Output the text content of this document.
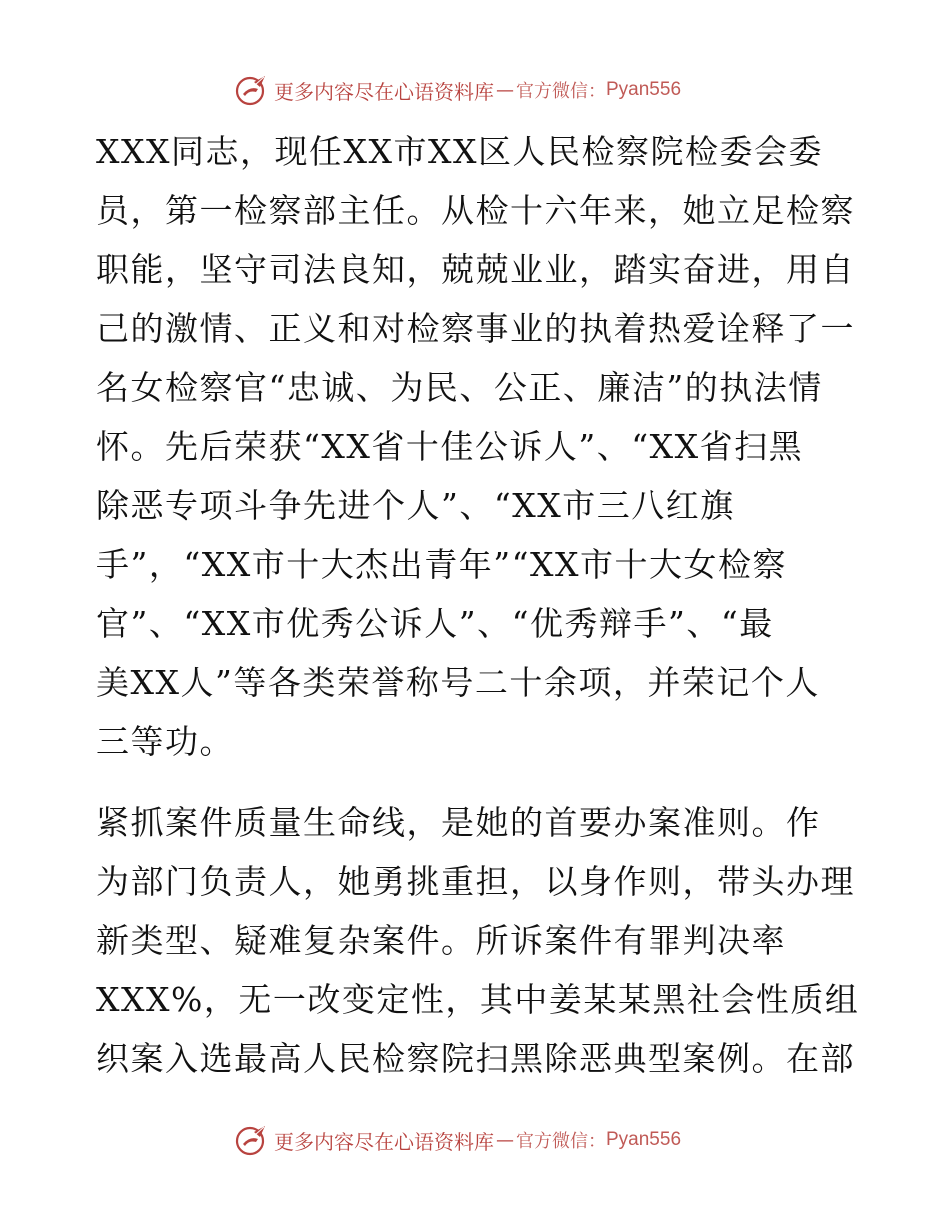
更多内容尽在心语资料库 — 官方微信： Pyan556
XXX同志，现任XX市XX区人民检察院检委会委
员，第一检察部主任。从检十六年来，她立足检察
职能，坚守司法良知，兢兢业业，踏实奋进，用自
己的激情、正义和对检察事业的执着热爱诠释了一
名女检察官“忠诚、为民、公正、廉洁”的执法情
怀。先后荣获“XX省十佳公诉人”、“XX省扫黑
除恶专项斗争先进个人”、“XX市三八红旗
手”，“XX市十大杰出青年”“XX市十大女检察
官”、“XX市优秀公诉人”、“优秀辩手”、“最
美XX人”等各类荣誉称号二十余项，并荣记个人
三等功。
紧抓案件质量生命线，是她的首要办案准则。作
为部门负责人，她勇挑重担，以身作则，带头办理
新类型、疑难复杂案件。所诉案件有罪判决率
XXX%，无一改变定性，其中姜某某黑社会性质组
织案入选最高人民检察院扫黑除恶典型案例。在部
更多内容尽在心语资料库 — 官方微信： Pyan556
